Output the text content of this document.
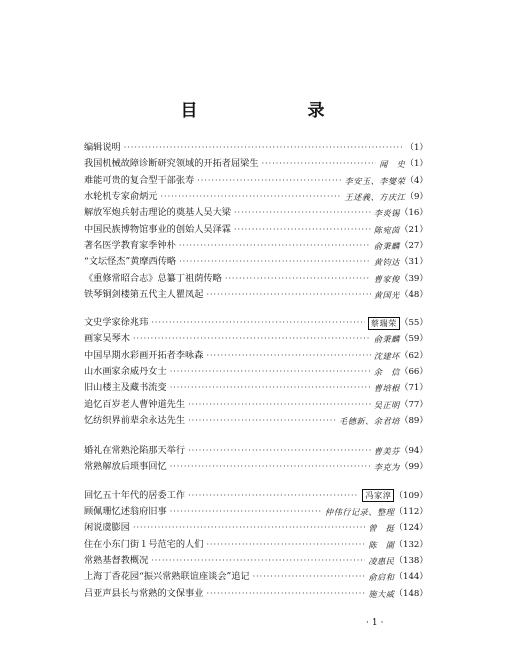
目 录
编辑说明 ·····	（1）
我国机械故障诊断研究领域的开拓者屈梁生 ·····	闻　史 （1）
难能可贵的复合型干部张寿 ·····	李安玉、李燮荣 （4）
水轮机专家俞炳元 ·····	王述義、方庆江 （9）
解放军炮兵射击理论的奠基人吴大梁 ·····	李炎锡 （16）
中国民族博物馆事业的创始人吴泽霖 ·····	陈宛茵 （21）
著名医学教育家季钟朴 ·····	俞秉麟 （27）
“文坛怪杰”黄摩西传略 ·····	黄钧达 （31）
《重修常昭合志》总纂丁祖荫传略 ·····	曹家俊 （39）
铁琴铜剑楼第五代主人瞿凤起 ·····	黄国光 （48）
文史学家徐兆玮 ·····	蔡瑞荣 （55）
画家吴琴木 ·····	俞秉麟 （59）
中国早期水彩画开拓者李咏森 ·····	沈建坏 （62）
山水画家余威丹女士 ·····	余　信 （66）
旧山楼主及藏书流变 ·····	曹培根 （71）
追忆百岁老人曹钟道先生 ·····	吴正明 （77）
忆纺织界前辈余永达先生 ·····	毛德新、余君培 （89）
婚礼在常熟沦陷那天举行 ·····	曹美芬 （94）
常熟解放后琐事回忆 ·····	李克为 （99）
回忆五十年代的居委工作 ·····	冯家淳 （109）
顾佩珊忆述翁府旧事 ·····	仲伟行记录、整理 （112）
闲说虞膨园 ·····	曾　挺 （124）
住在小东门街１号范宅的人们 ·····	陈　園 （132）
常熟基督教概况 ·····	凌惠民 （138）
上海丁香花园“振兴常熟联谊座谈会”追记 ·····	俞启和 （144）
吕亚声县长与常熟的文保事业 ·····	施大威 （148）
·1·
